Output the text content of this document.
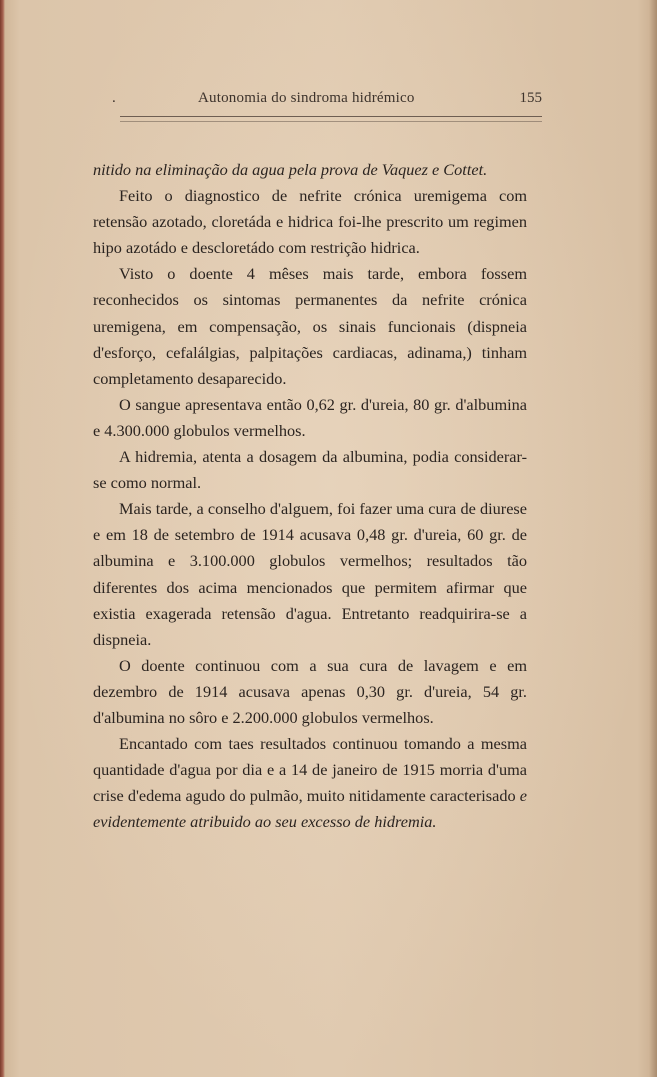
.	Autonomia do sindroma hidrémico	155

nitido na eliminação da agua pela prova de Vaquez e Cottet.

Feito o diagnostico de nefrite crónica uremigema com retensão azotado, cloretáda e hidrica foi-lhe prescrito um regimen hipo azotádo e descloretádo com restrição hidrica.

Visto o doente 4 mêses mais tarde, embora fossem reconhecidos os sintomas permanentes da nefrite crónica uremigena, em compensação, os sinais funcionais (dispneia d'esforço, cefalálgias, palpitações cardiacas, adinama,) tinham completamento desaparecido.

O sangue apresentava então 0,62 gr. d'ureia, 80 gr. d'albumina e 4.300.000 globulos vermelhos.

A hidremia, atenta a dosagem da albumina, podia considerar-se como normal.

Mais tarde, a conselho d'alguem, foi fazer uma cura de diurese e em 18 de setembro de 1914 acusava 0,48 gr. d'ureia, 60 gr. de albumina e 3.100.000 globulos vermelhos; resultados tão diferentes dos acima mencionados que permitem afirmar que existia exagerada retensão d'agua. Entretanto readquirira-se a dispneia.

O doente continuou com a sua cura de lavagem e em dezembro de 1914 acusava apenas 0,30 gr. d'ureia, 54 gr. d'albumina no sôro e 2.200.000 globulos vermelhos.

Encantado com taes resultados continuou tomando a mesma quantidade d'agua por dia e a 14 de janeiro de 1915 morria d'uma crise d'edema agudo do pulmão, muito nitidamente caracterisado e evidentemente atribuido ao seu excesso de hidremia.
